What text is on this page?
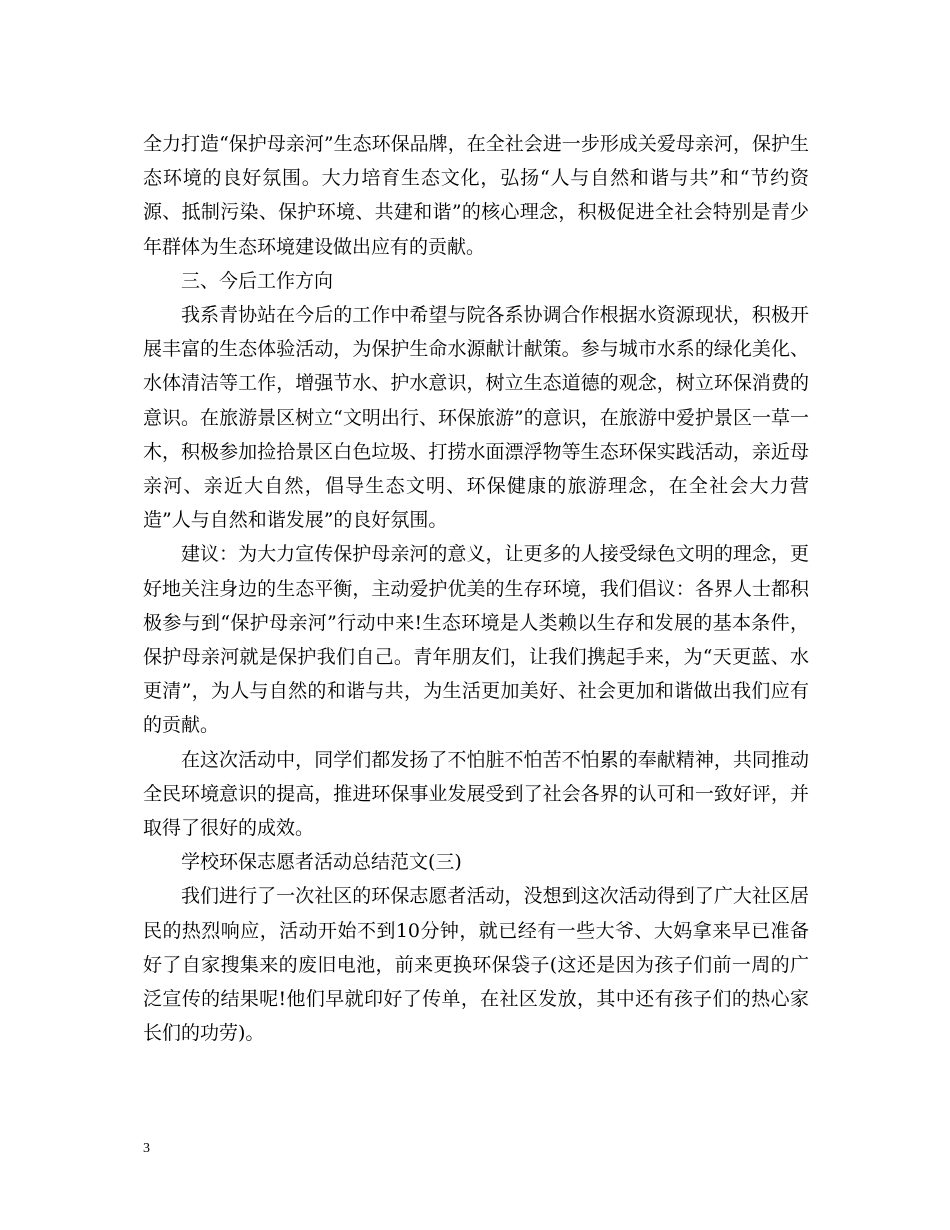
全力打造“保护母亲河”生态环保品牌，在全社会进一步形成关爱母亲河，保护生态环境的良好氛围。大力培育生态文化，弘扬“人与自然和谐与共”和“节约资源、抵制污染、保护环境、共建和谐”的核心理念，积极促进全社会特别是青少年群体为生态环境建设做出应有的贡献。

三、今后工作方向

我系青协站在今后的工作中希望与院各系协调合作根据水资源现状，积极开展丰富的生态体验活动，为保护生命水源献计献策。参与城市水系的绿化美化、水体清洁等工作，增强节水、护水意识，树立生态道德的观念，树立环保消费的意识。在旅游景区树立“文明出行、环保旅游”的意识，在旅游中爱护景区一草一木，积极参加捡拾景区白色垃圾、打捞水面漂浮物等生态环保实践活动，亲近母亲河、亲近大自然，倡导生态文明、环保健康的旅游理念，在全社会大力营造”人与自然和谐发展”的良好氛围。

建议：为大力宣传保护母亲河的意义，让更多的人接受绿色文明的理念，更好地关注身边的生态平衡，主动爱护优美的生存环境，我们倡议：各界人士都积极参与到“保护母亲河”行动中来!生态环境是人类赖以生存和发展的基本条件，保护母亲河就是保护我们自己。青年朋友们，让我们携起手来，为“天更蓝、水更清”，为人与自然的和谐与共，为生活更加美好、社会更加和谐做出我们应有的贡献。

在这次活动中，同学们都发扬了不怕脏不怕苦不怕累的奉献精神，共同推动全民环境意识的提高，推进环保事业发展受到了社会各界的认可和一致好评，并取得了很好的成效。

学校环保志愿者活动总结范文(三)

我们进行了一次社区的环保志愿者活动，没想到这次活动得到了广大社区居民的热烈响应，活动开始不到10分钟，就已经有一些大爷、大妈拿来早已准备好了自家搜集来的废旧电池，前来更换环保袋子(这还是因为孩子们前一周的广泛宣传的结果呢!他们早就印好了传单，在社区发放，其中还有孩子们的热心家长们的功劳)。

3
